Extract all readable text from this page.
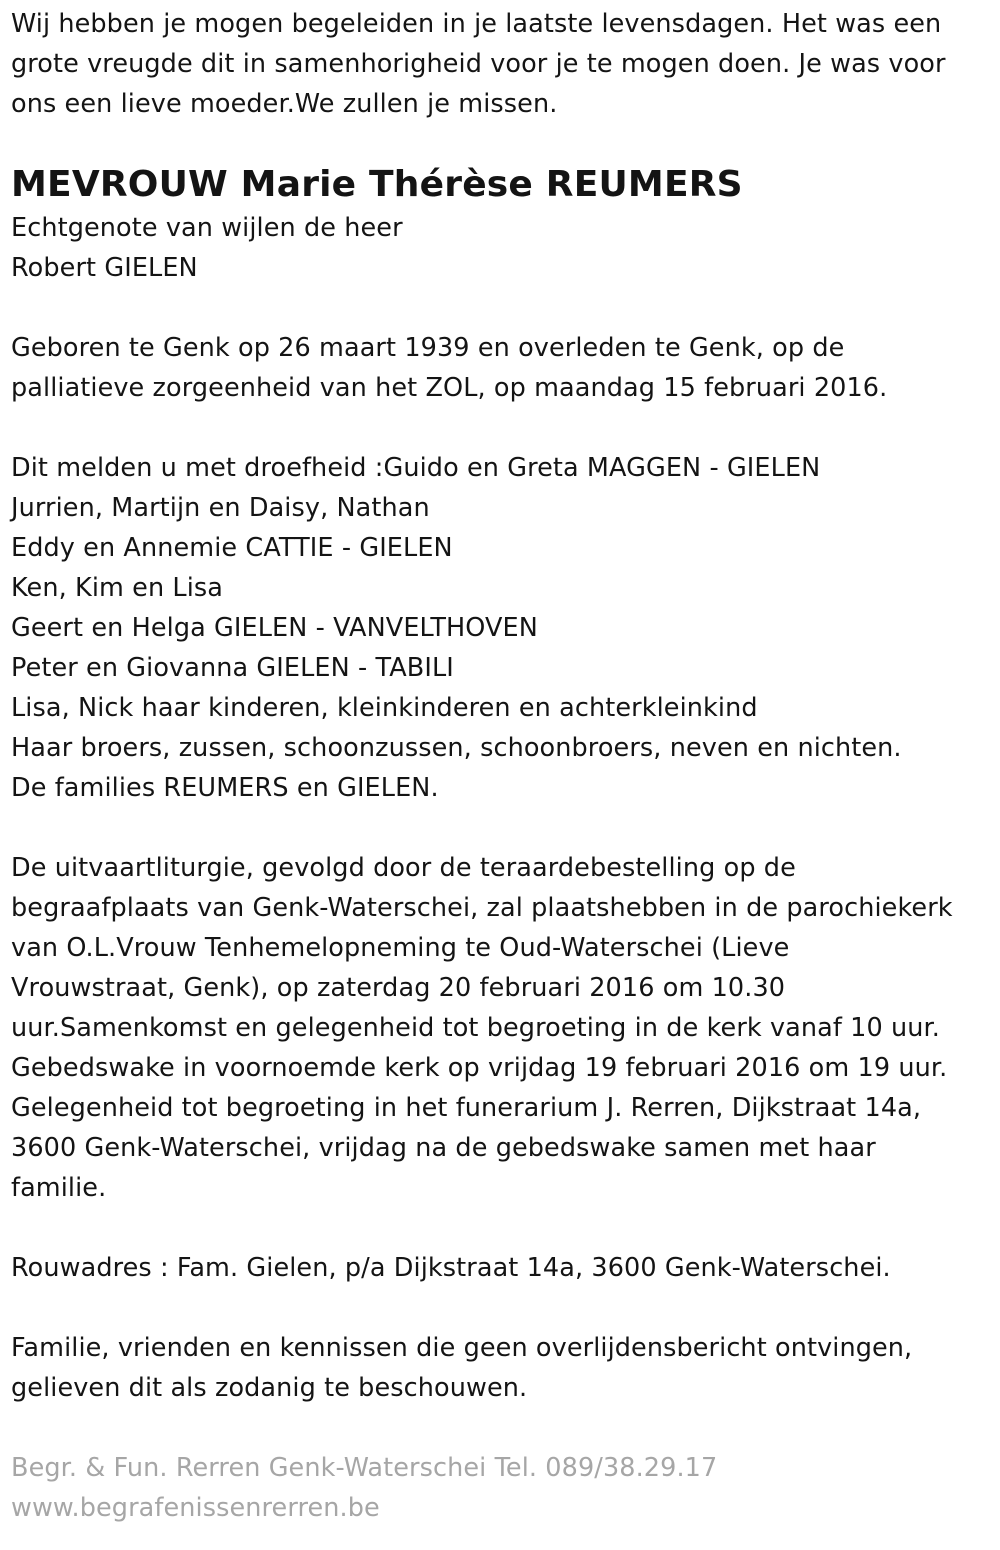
Wij hebben je mogen begeleiden in je laatste levensdagen. Het was een
grote vreugde dit in samenhorigheid voor je te mogen doen. Je was voor
ons een lieve moeder.We zullen je missen.
MEVROUW Marie Thérèse REUMERS
Echtgenote van wijlen de heer
Robert GIELEN
Geboren te Genk op 26 maart 1939 en overleden te Genk, op de
palliatieve zorgeenheid van het ZOL, op maandag 15 februari 2016.
Dit melden u met droefheid :Guido en Greta MAGGEN - GIELEN
Jurrien, Martijn en Daisy, Nathan
Eddy en Annemie CATTIE - GIELEN
Ken, Kim en Lisa
Geert en Helga GIELEN - VANVELTHOVEN
Peter en Giovanna GIELEN - TABILI
Lisa, Nick haar kinderen, kleinkinderen en achterkleinkind
Haar broers, zussen, schoonzussen, schoonbroers, neven en nichten.
De families REUMERS en GIELEN.
De uitvaartliturgie, gevolgd door de teraardebestelling op de
begraafplaats van Genk-Waterschei, zal plaatshebben in de parochiekerk
van O.L.Vrouw Tenhemelopneming te Oud-Waterschei (Lieve
Vrouwstraat, Genk), op zaterdag 20 februari 2016 om 10.30
uur.Samenkomst en gelegenheid tot begroeting in de kerk vanaf 10 uur.
Gebedswake in voornoemde kerk op vrijdag 19 februari 2016 om 19 uur.
Gelegenheid tot begroeting in het funerarium J. Rerren, Dijkstraat 14a,
3600 Genk-Waterschei, vrijdag na de gebedswake samen met haar
familie.
Rouwadres : Fam. Gielen, p/a Dijkstraat 14a, 3600 Genk-Waterschei.
Familie, vrienden en kennissen die geen overlijdensbericht ontvingen,
gelieven dit als zodanig te beschouwen.
Begr. & Fun. Rerren Genk-Waterschei Tel. 089/38.29.17
www.begrafenissenrerren.be
